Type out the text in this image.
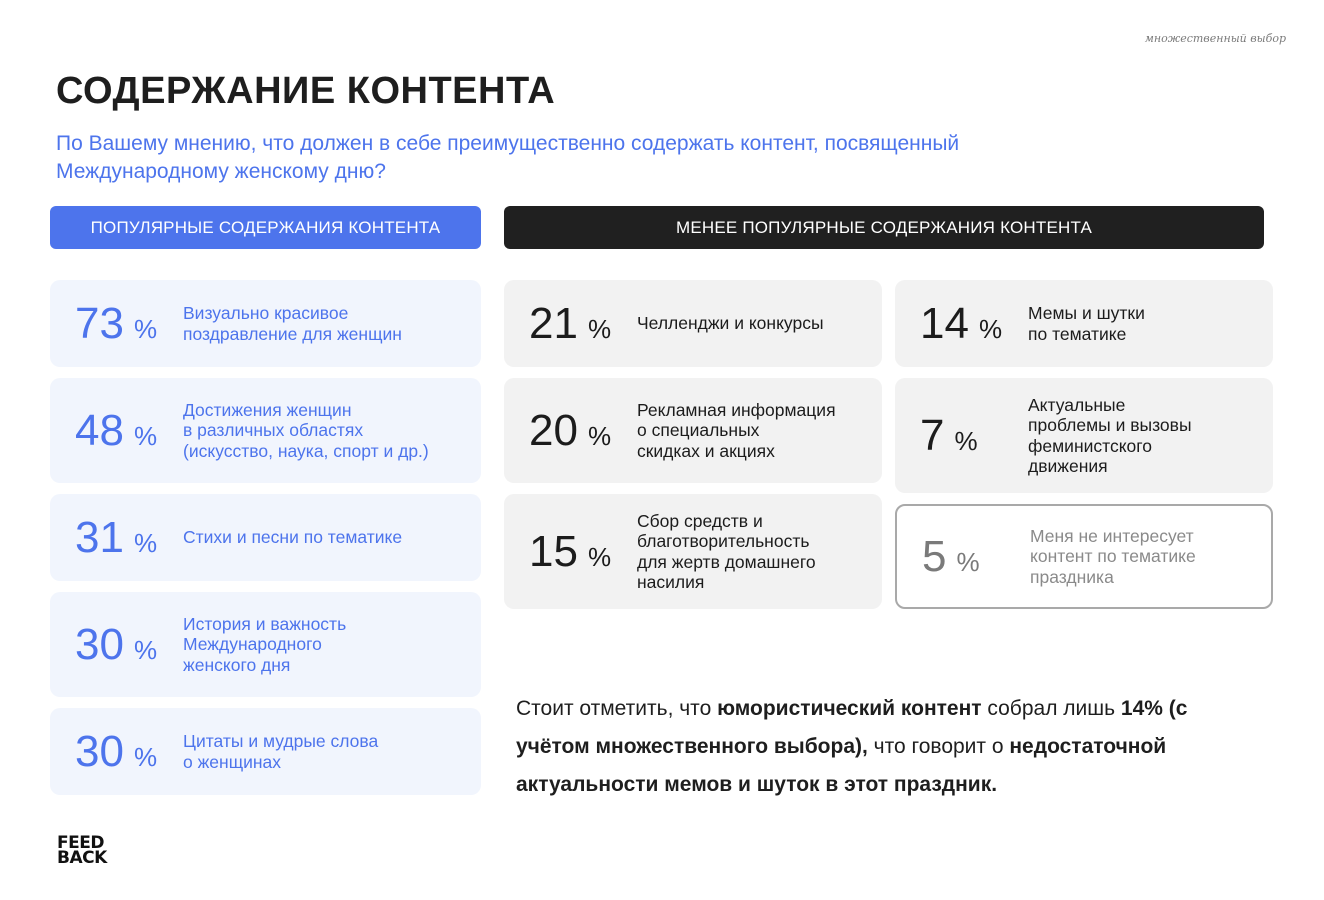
множественный выбор
СОДЕРЖАНИЕ КОНТЕНТА

По Вашему мнению, что должен в себе преимущественно содержать контент, посвященный Международному женскому дню?

ПОПУЛЯРНЫЕ СОДЕРЖАНИЯ КОНТЕНТА	МЕНЕЕ ПОПУЛЯРНЫЕ СОДЕРЖАНИЯ КОНТЕНТА
73 %
Визуально красивое
поздравление для женщин
48 %
Достижения женщин
в различных областях
(искусство, наука, спорт и др.)
31 % Стихи и песни по тематике
30 %
История и важность
Международного
женского дня
30 %
Цитаты и мудрые слова
о женщинах
21 % Челленджи и конкурсы
20 %
Рекламная информация
о специальных
скидках и акциях
15 %
Сбор средств и
благотворительность
для жертв домашнего
насилия
14 %
Мемы и шутки
по тематике
7 %
Актуальные
проблемы и вызовы
феминистского
движения
5 %
Меня не интересует
контент по тематике
праздника

Стоит отметить, что юмористический контент собрал лишь 14% (с учётом множественного выбора), что говорит о недостаточной актуальности мемов и шуток в этот праздник.

FEED
BACK
